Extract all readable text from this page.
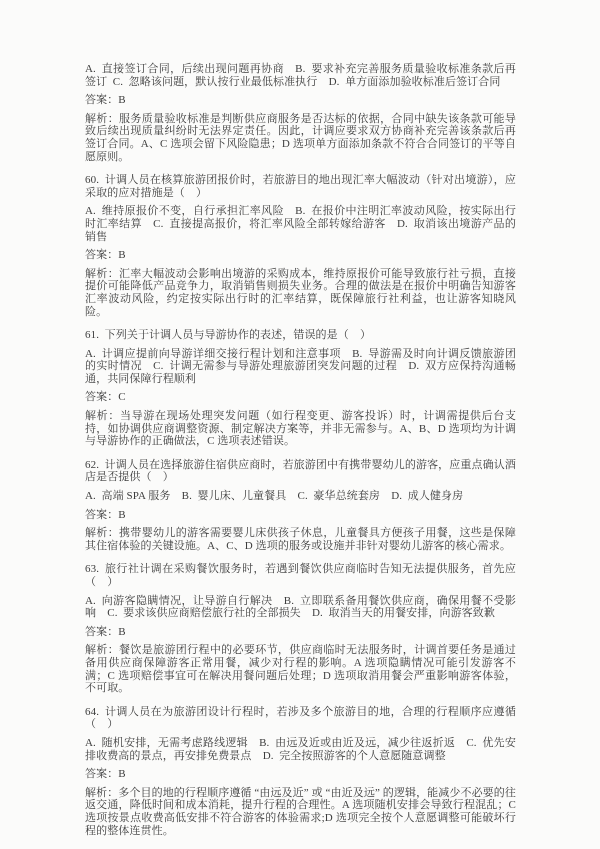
A. 直接签订合同，后续出现问题再协商  B. 要求补充完善服务质量验收标准条款后再签订 C. 忽略该问题，默认按行业最低标准执行  D. 单方面添加验收标准后签订合同

答案：B

解析：服务质量验收标准是判断供应商服务是否达标的依据，合同中缺失该条款可能导致后续出现质量纠纷时无法界定责任。因此，计调应要求双方协商补充完善该条款后再签订合同。A、C 选项会留下风险隐患；D 选项单方面添加条款不符合合同签订的平等自愿原则。

60. 计调人员在核算旅游团报价时，若旅游目的地出现汇率大幅波动（针对出境游），应采取的应对措施是（　）

A. 维持原报价不变，自行承担汇率风险  B. 在报价中注明汇率波动风险，按实际出行时汇率结算  C. 直接提高报价，将汇率风险全部转嫁给游客  D. 取消该出境游产品的销售

答案：B

解析：汇率大幅波动会影响出境游的采购成本，维持原报价可能导致旅行社亏损，直接提价可能降低产品竞争力，取消销售则损失业务。合理的做法是在报价中明确告知游客汇率波动风险，约定按实际出行时的汇率结算，既保障旅行社利益，也让游客知晓风险。

61. 下列关于计调人员与导游协作的表述，错误的是（　）

A. 计调应提前向导游详细交接行程计划和注意事项  B. 导游需及时向计调反馈旅游团的实时情况  C. 计调无需参与导游处理旅游团突发问题的过程  D. 双方应保持沟通畅通，共同保障行程顺利

答案：C

解析：当导游在现场处理突发问题（如行程变更、游客投诉）时，计调需提供后台支持，如协调供应商调整资源、制定解决方案等，并非无需参与。A、B、D 选项均为计调与导游协作的正确做法，C 选项表述错误。

62. 计调人员在选择旅游住宿供应商时，若旅游团中有携带婴幼儿的游客，应重点确认酒店是否提供（　）

A. 高端 SPA 服务  B. 婴儿床、儿童餐具  C. 豪华总统套房  D. 成人健身房

答案：B

解析：携带婴幼儿的游客需要婴儿床供孩子休息，儿童餐具方便孩子用餐，这些是保障其住宿体验的关键设施。A、C、D 选项的服务或设施并非针对婴幼儿游客的核心需求。

63. 旅行社计调在采购餐饮服务时，若遇到餐饮供应商临时告知无法提供服务，首先应（　）

A. 向游客隐瞒情况，让导游自行解决  B. 立即联系备用餐饮供应商，确保用餐不受影响  C. 要求该供应商赔偿旅行社的全部损失  D. 取消当天的用餐安排，向游客致歉

答案：B

解析：餐饮是旅游团行程中的必要环节，供应商临时无法服务时，计调首要任务是通过备用供应商保障游客正常用餐，减少对行程的影响。A 选项隐瞒情况可能引发游客不满；C 选项赔偿事宜可在解决用餐问题后处理；D 选项取消用餐会严重影响游客体验，不可取。

64. 计调人员在为旅游团设计行程时，若涉及多个旅游目的地，合理的行程顺序应遵循（　）

A. 随机安排，无需考虑路线逻辑  B. 由远及近或由近及远，减少往返折返  C. 优先安排收费高的景点，再安排免费景点  D. 完全按照游客的个人意愿随意调整

答案：B

解析：多个目的地的行程顺序遵循 “由远及近” 或 “由近及远” 的逻辑，能减少不必要的往返交通，降低时间和成本消耗，提升行程的合理性。A 选项随机安排会导致行程混乱；C 选项按景点收费高低安排不符合游客的体验需求;D 选项完全按个人意愿调整可能破坏行程的整体连贯性。
